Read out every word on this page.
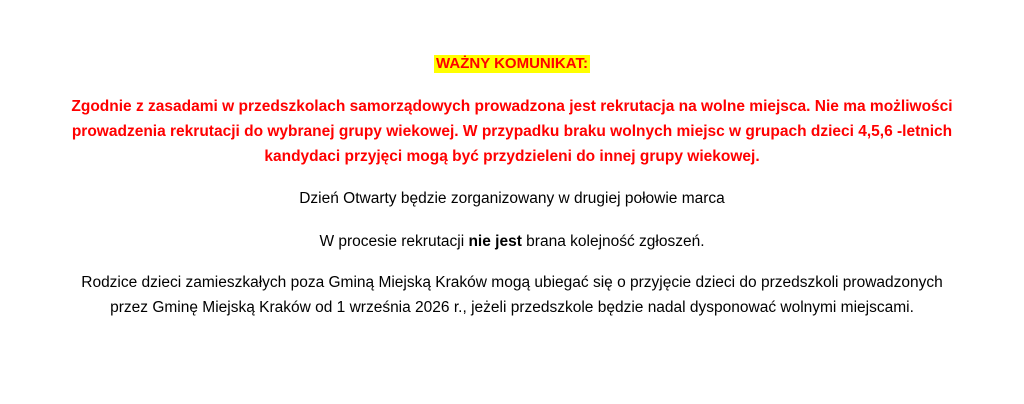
WAŻNY KOMUNIKAT:

Zgodnie z zasadami w przedszkolach samorządowych prowadzona jest rekrutacja na wolne miejsca. Nie ma możliwości
prowadzenia rekrutacji do wybranej grupy wiekowej. W przypadku braku wolnych miejsc w grupach dzieci 4,5,6 -letnich
kandydaci przyjęci mogą być przydzieleni do innej grupy wiekowej.

Dzień Otwarty będzie zorganizowany w drugiej połowie marca

W procesie rekrutacji nie jest brana kolejność zgłoszeń.

Rodzice dzieci zamieszkałych poza Gminą Miejską Kraków mogą ubiegać się o przyjęcie dzieci do przedszkoli prowadzonych
przez Gminę Miejską Kraków od 1 września 2026 r., jeżeli przedszkole będzie nadal dysponować wolnymi miejscami.
